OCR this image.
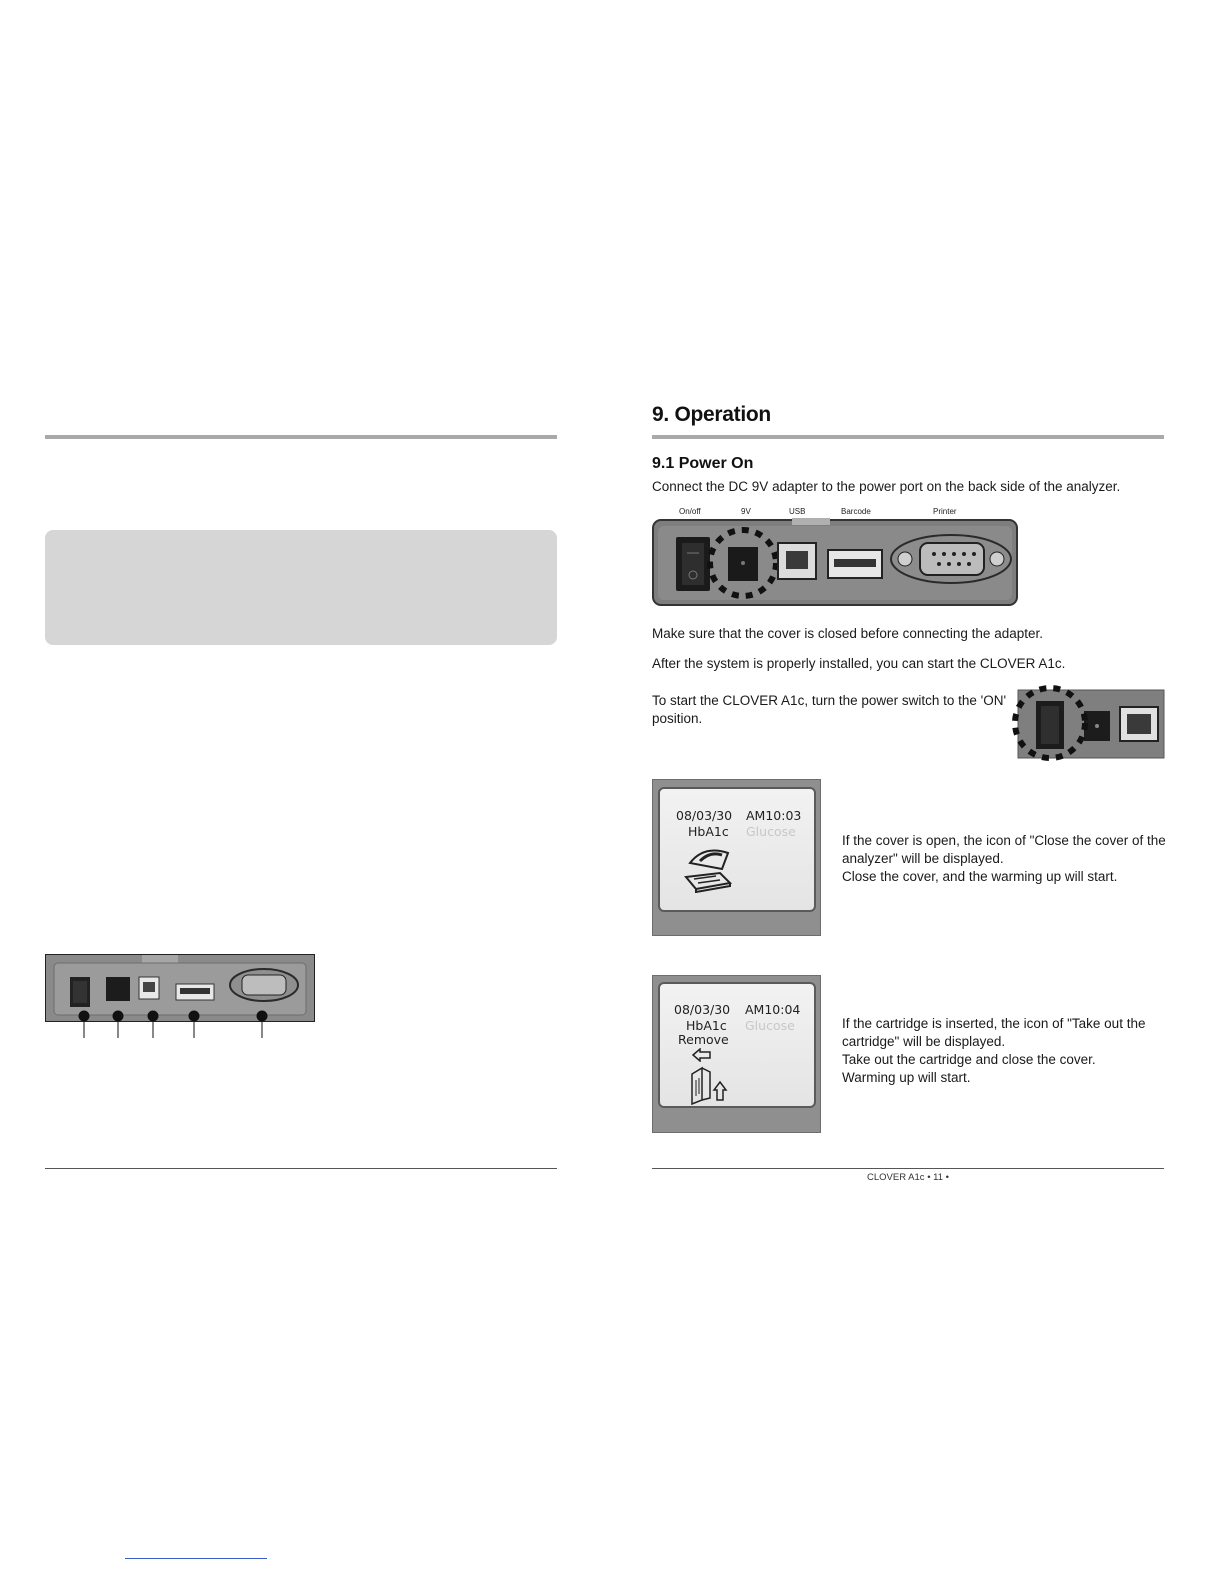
9. Operation
9.1 Power On
Connect the DC 9V adapter to the power port on the back side of the analyzer.
On/off	9V	USB	Barcode	Printer
Make sure that the cover is closed before connecting the adapter.
After the system is properly installed, you can start the CLOVER A1c.
To start the CLOVER A1c, turn the power switch to the 'ON'
position.
08/03/30 AM10:03
HbA1c Glucose
If the cover is open, the icon of "Close the cover of the
analyzer" will be displayed.
Close the cover, and the warming up will start.
08/03/30 AM10:04
HbA1c Glucose
Remove
If the cartridge is inserted, the icon of "Take out the
cartridge" will be displayed.
Take out the cartridge and close the cover.
Warming up will start.
CLOVER A1c • 11 •
